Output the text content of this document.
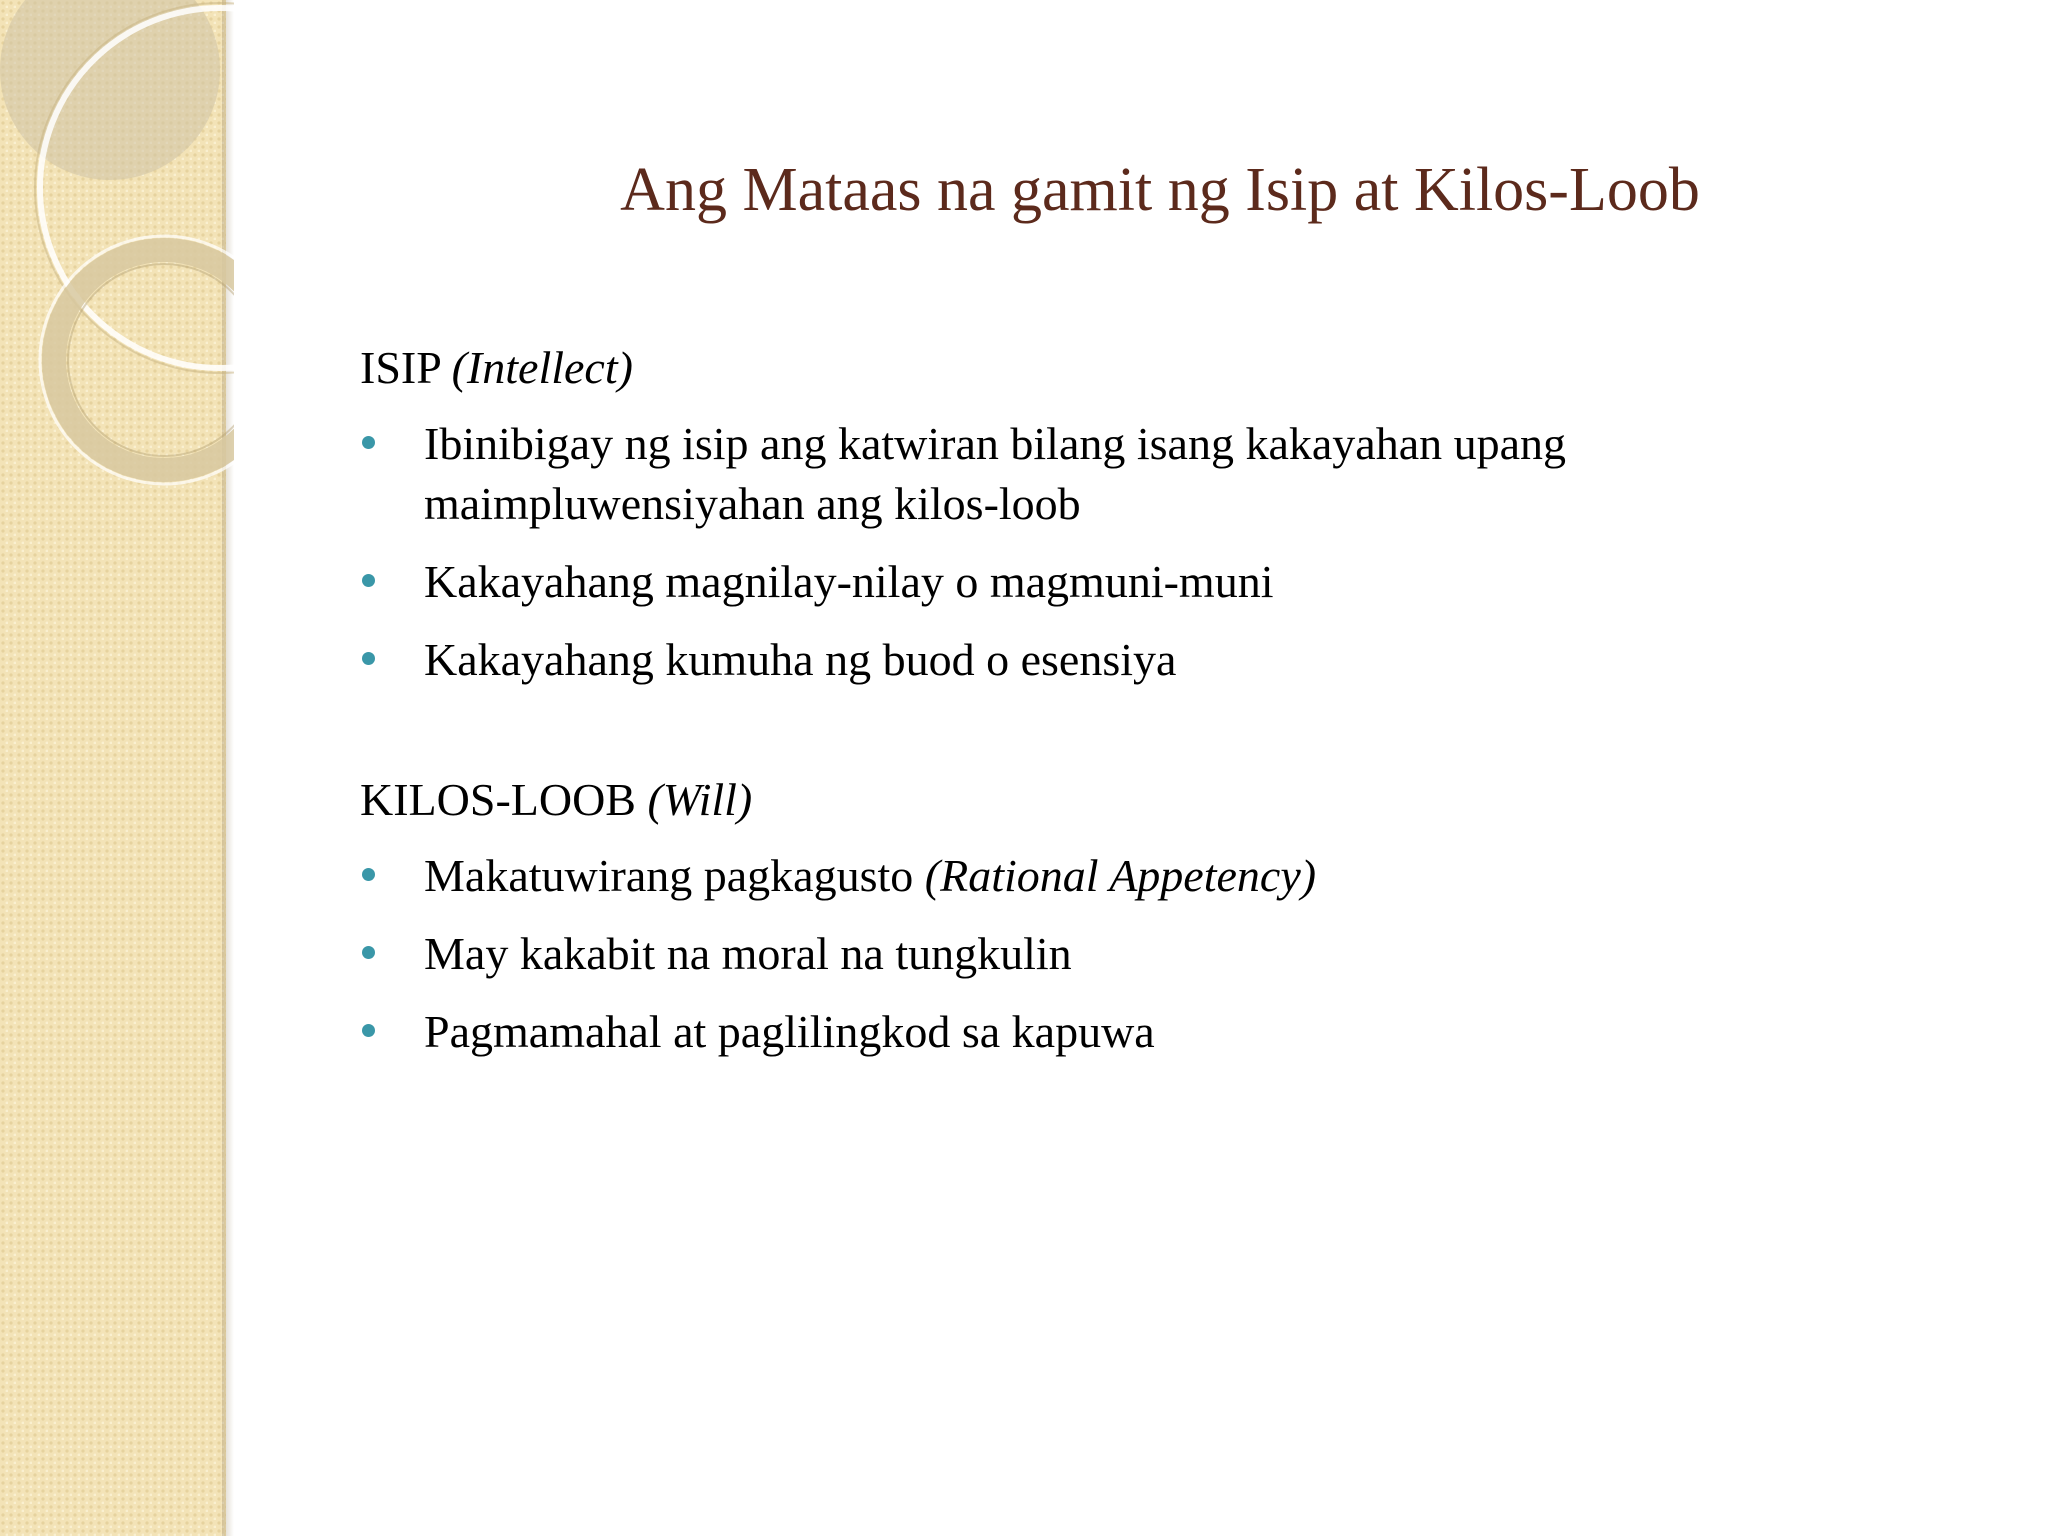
Ang Mataas na gamit ng Isip at Kilos-Loob
ISIP (Intellect)
Ibinibigay ng isip ang katwiran bilang isang kakayahan upang maimpluwensiyahan ang kilos-loob
Kakayahang magnilay-nilay o magmuni-muni
Kakayahang kumuha ng buod o esensiya
KILOS-LOOB (Will)
Makatuwirang pagkagusto (Rational Appetency)
May kakabit na moral na tungkulin
Pagmamahal at paglilingkod sa kapuwa
